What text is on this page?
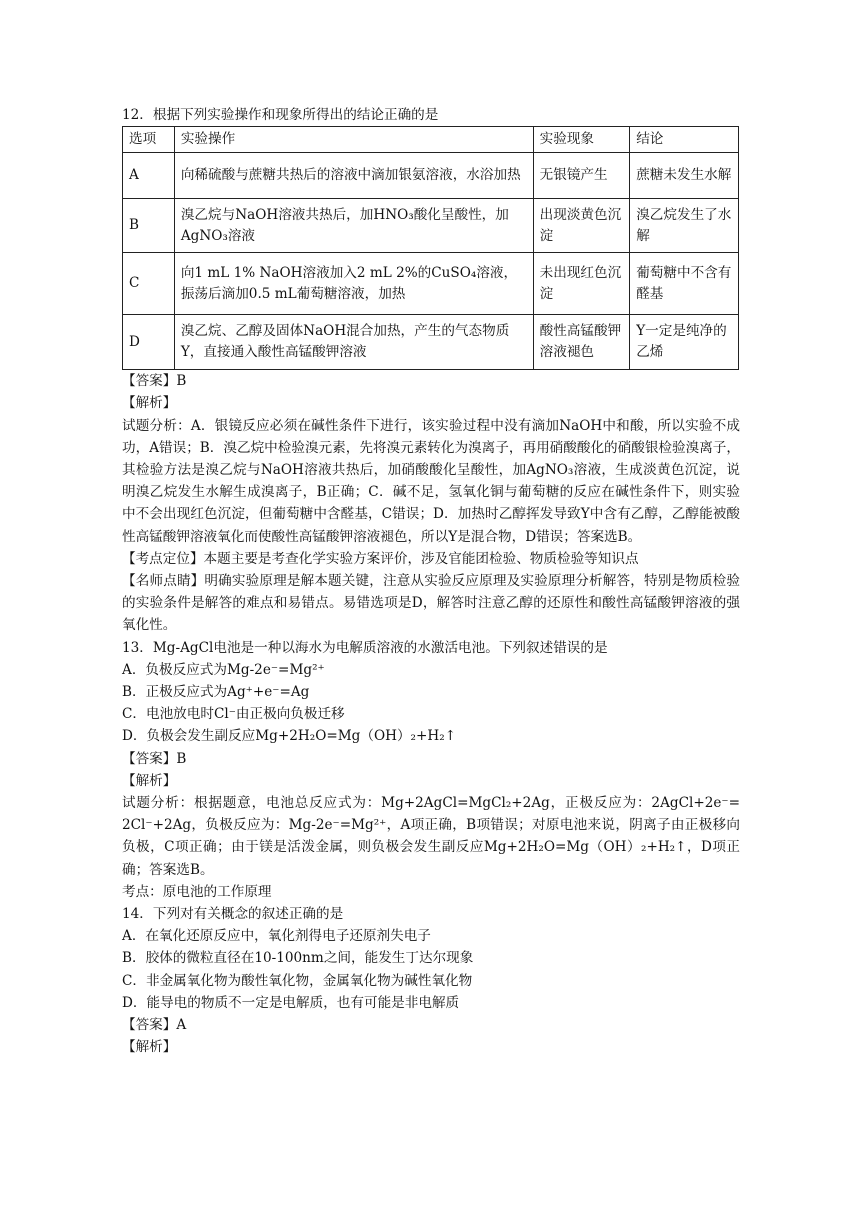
12．根据下列实验操作和现象所得出的结论正确的是
选项	实验操作	实验现象	结论
A	向稀硫酸与蔗糖共热后的溶液中滴加银氨溶液，水浴加热	无银镜产生	蔗糖未发生水解
B	溴乙烷与NaOH溶液共热后，加HNO₃酸化呈酸性，加AgNO₃溶液	出现淡黄色沉淀	溴乙烷发生了水解
C	向1 mL 1% NaOH溶液加入2 mL 2%的CuSO₄溶液，振荡后滴加0.5 mL葡萄糖溶液，加热	未出现红色沉淀	葡萄糖中不含有醛基
D	溴乙烷、乙醇及固体NaOH混合加热，产生的气态物质Y，直接通入酸性高锰酸钾溶液	酸性高锰酸钾溶液褪色	Y一定是纯净的乙烯
【答案】B
【解析】
试题分析：A．银镜反应必须在碱性条件下进行，该实验过程中没有滴加NaOH中和酸，所以实验不成功，A错误；B．溴乙烷中检验溴元素，先将溴元素转化为溴离子，再用硝酸酸化的硝酸银检验溴离子，其检验方法是溴乙烷与NaOH溶液共热后，加硝酸酸化呈酸性，加AgNO₃溶液，生成淡黄色沉淀，说明溴乙烷发生水解生成溴离子，B正确；C．碱不足，氢氧化铜与葡萄糖的反应在碱性条件下，则实验中不会出现红色沉淀，但葡萄糖中含醛基，C错误；D．加热时乙醇挥发导致Y中含有乙醇，乙醇能被酸性高锰酸钾溶液氧化而使酸性高锰酸钾溶液褪色，所以Y是混合物，D错误；答案选B。
【考点定位】本题主要是考查化学实验方案评价，涉及官能团检验、物质检验等知识点
【名师点睛】明确实验原理是解本题关键，注意从实验反应原理及实验原理分析解答，特别是物质检验的实验条件是解答的难点和易错点。易错选项是D，解答时注意乙醇的还原性和酸性高锰酸钾溶液的强氧化性。
13．Mg-AgCl电池是一种以海水为电解质溶液的水激活电池。下列叙述错误的是
A．负极反应式为Mg-2e⁻=Mg²⁺
B．正极反应式为Ag⁺+e⁻=Ag
C．电池放电时Cl⁻由正极向负极迁移
D．负极会发生副反应Mg+2H₂O=Mg（OH）₂+H₂↑
【答案】B
【解析】
试题分析：根据题意，电池总反应式为：Mg+2AgCl=MgCl₂+2Ag，正极反应为：2AgCl+2e⁻= 2Cl⁻+2Ag，负极反应为：Mg-2e⁻=Mg²⁺，A项正确，B项错误；对原电池来说，阴离子由正极移向负极，C项正确；由于镁是活泼金属，则负极会发生副反应Mg+2H₂O=Mg（OH）₂+H₂↑，D项正确；答案选B。
考点：原电池的工作原理
14．下列对有关概念的叙述正确的是
A．在氧化还原反应中，氧化剂得电子还原剂失电子
B．胶体的微粒直径在10-100nm之间，能发生丁达尔现象
C．非金属氧化物为酸性氧化物，金属氧化物为碱性氧化物
D．能导电的物质不一定是电解质，也有可能是非电解质
【答案】A
【解析】
